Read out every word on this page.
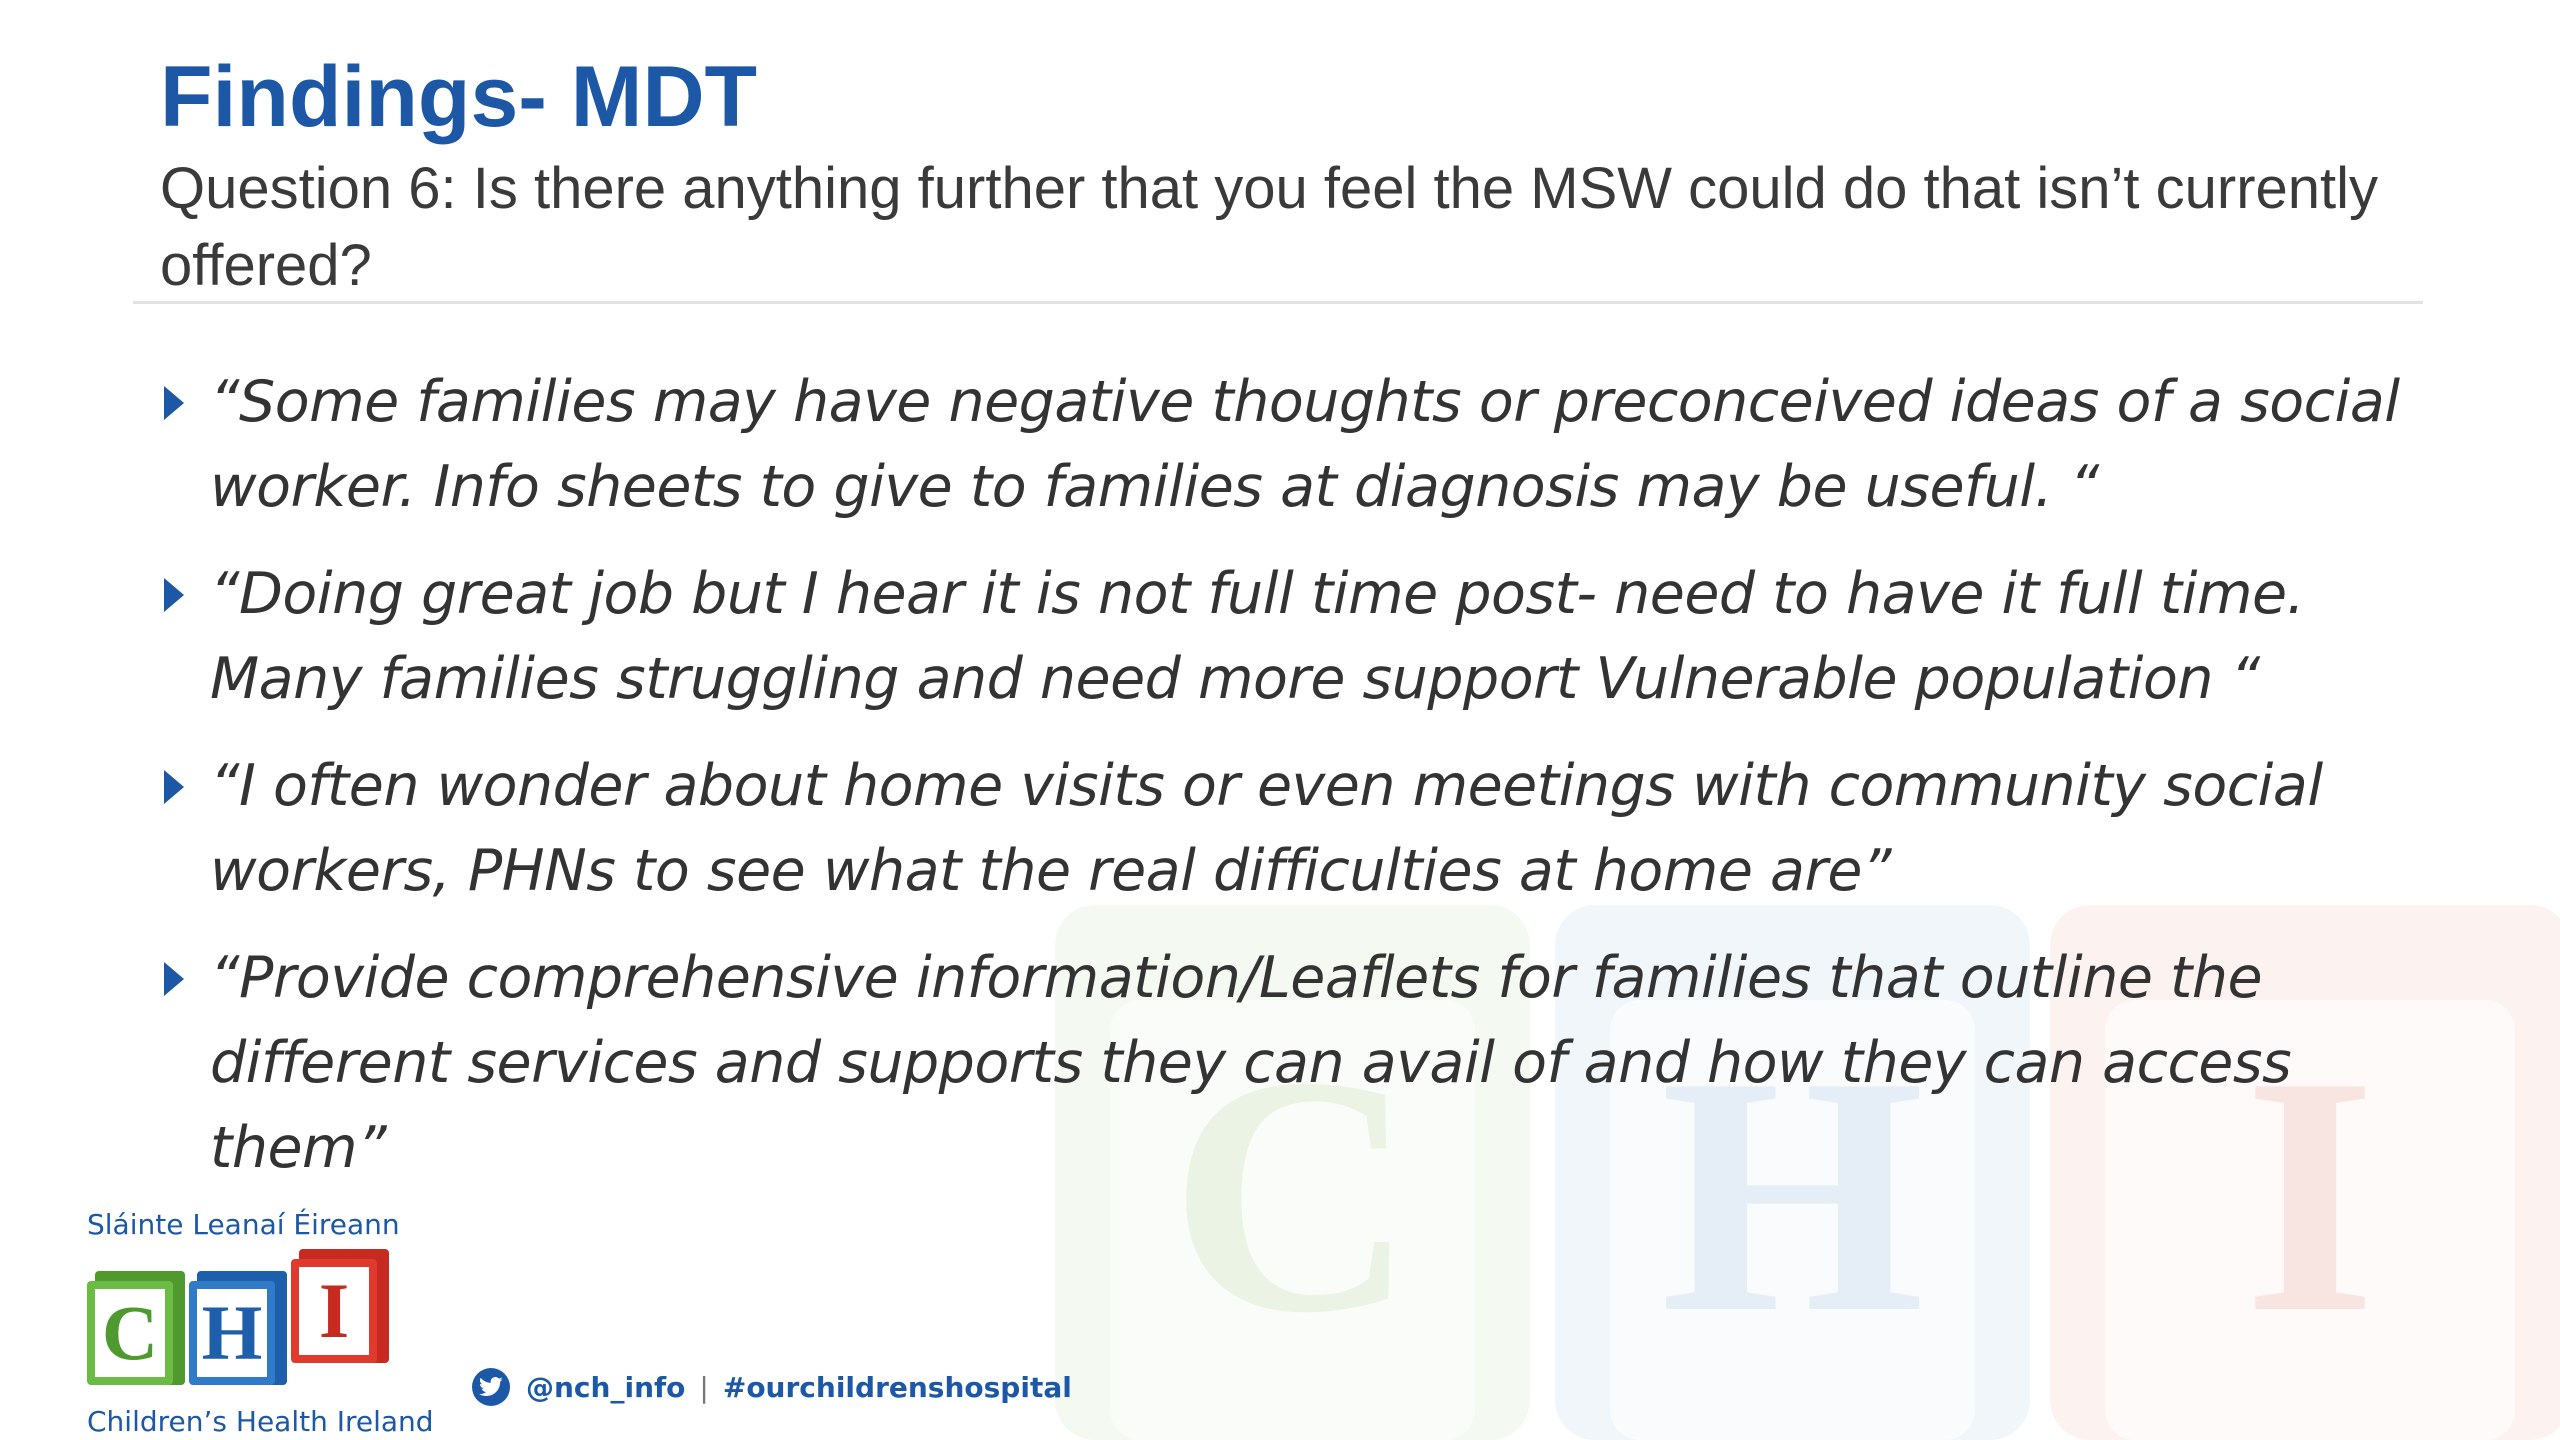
C H I
Findings- MDT

Question 6: Is there anything further that you feel the MSW could do that isn’t currently offered?

“Some families may have negative thoughts or preconceived ideas of a social worker. Info sheets to give to families at diagnosis may be useful. “
“Doing great job but I hear it is not full time post- need to have it full time. Many families struggling and need more support Vulnerable population “
“I often wonder about home visits or even meetings with community social workers, PHNs to see what the real difficulties at home are”
“Provide comprehensive information/Leaflets for families that outline the different services and supports they can avail of and how they can access them”
Sláinte Leanaí Éireann
C H I
Children’s Health Ireland
@nch_info | #ourchildrenshospital
